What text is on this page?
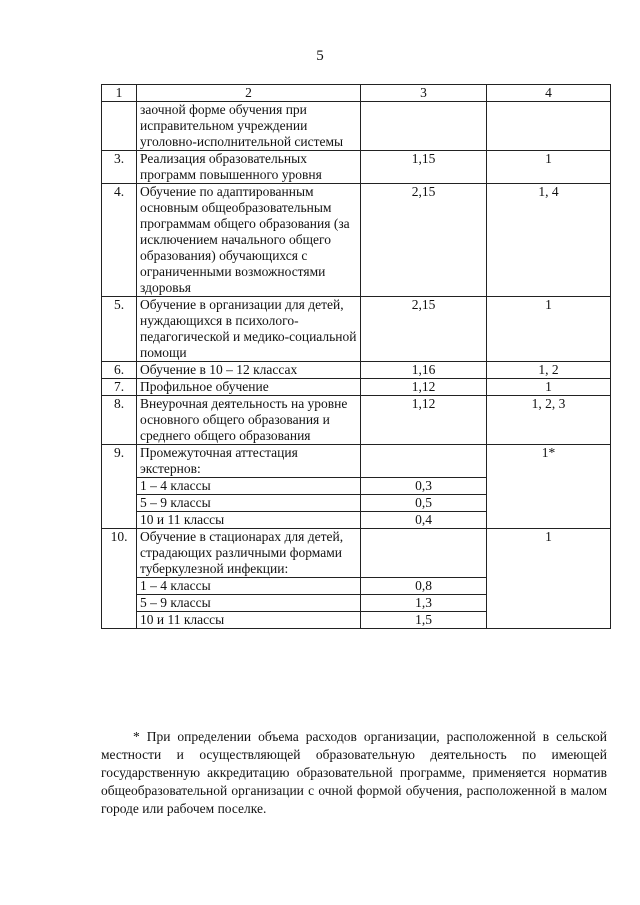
5
1	2	3	4
	заочной форме обучения при исправительном учреждении уголовно-исполнительной системы		
3.	Реализация образовательных программ повышенного уровня	1,15	1
4.	Обучение по адаптированным основным общеобразовательным программам общего образования (за исключением начального общего образования) обучающихся с ограниченными возможностями здоровья	2,15	1, 4
5.	Обучение в организации для детей, нуждающихся в психолого-педагогической и медико-социальной помощи	2,15	1
6.	Обучение в 10 – 12 классах	1,16	1, 2
7.	Профильное обучение	1,12	1
8.	Внеурочная деятельность на уровне основного общего образования и среднего общего образования	1,12	1, 2, 3
9.	Промежуточная аттестация экстернов:		1*
	1 – 4 классы	0,3	
	5 – 9 классы	0,5	
	10 и 11 классы	0,4	
10.	Обучение в стационарах для детей, страдающих различными формами туберкулезной инфекции:		1
	1 – 4 классы	0,8	
	5 – 9 классы	1,3	
	10 и 11 классы	1,5	
* При определении объема расходов организации, расположенной в сельской местности и осуществляющей образовательную деятельность по имеющей государственную аккредитацию образовательной программе, применяется норматив общеобразовательной организации с очной формой обучения, расположенной в малом городе или рабочем поселке.
